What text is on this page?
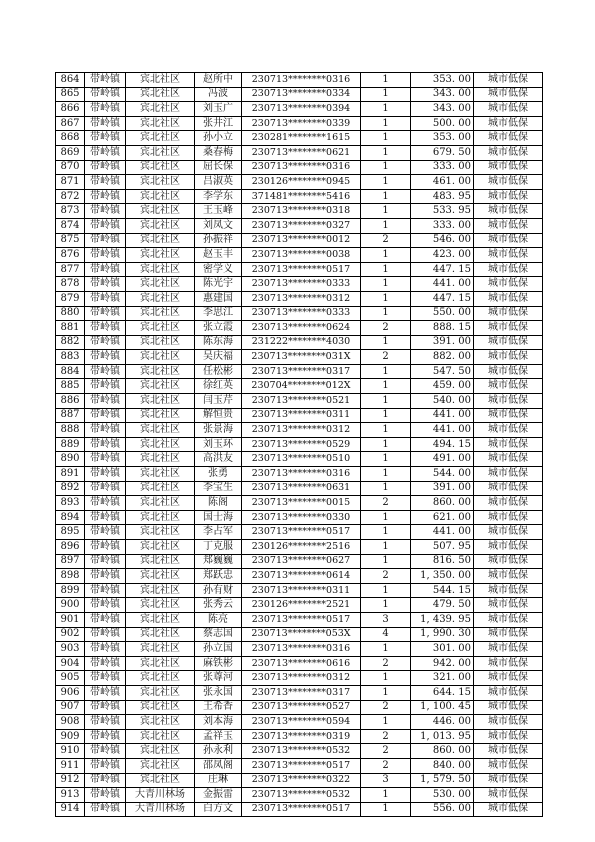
864	带岭镇	宾北社区	赵所中	230713********0316	1	353. 00	城市低保
865	带岭镇	宾北社区	冯波	230713********0334	1	343. 00	城市低保
866	带岭镇	宾北社区	刘玉广	230713********0394	1	343. 00	城市低保
867	带岭镇	宾北社区	张井江	230713********0339	1	500. 00	城市低保
868	带岭镇	宾北社区	孙小立	230281********1615	1	353. 00	城市低保
869	带岭镇	宾北社区	桑春梅	230713********0621	1	679. 50	城市低保
870	带岭镇	宾北社区	屈长保	230713********0316	1	333. 00	城市低保
871	带岭镇	宾北社区	吕淑英	230126********0945	1	461. 00	城市低保
872	带岭镇	宾北社区	李学东	371481********5416	1	483. 95	城市低保
873	带岭镇	宾北社区	王玉峰	230713********0318	1	533. 95	城市低保
874	带岭镇	宾北社区	刘凤文	230713********0327	1	333. 00	城市低保
875	带岭镇	宾北社区	孙振祥	230713********0012	2	546. 00	城市低保
876	带岭镇	宾北社区	赵玉丰	230713********0038	1	423. 00	城市低保
877	带岭镇	宾北社区	密学义	230713********0517	1	447. 15	城市低保
878	带岭镇	宾北社区	陈光宇	230713********0333	1	441. 00	城市低保
879	带岭镇	宾北社区	惠建国	230713********0312	1	447. 15	城市低保
880	带岭镇	宾北社区	李思江	230713********0333	1	550. 00	城市低保
881	带岭镇	宾北社区	张立霞	230713********0624	2	888. 15	城市低保
882	带岭镇	宾北社区	陈东海	231222********4030	1	391. 00	城市低保
883	带岭镇	宾北社区	吴庆福	230713********031X	2	882. 00	城市低保
884	带岭镇	宾北社区	任松彬	230713********0317	1	547. 50	城市低保
885	带岭镇	宾北社区	徐红英	230704********012X	1	459. 00	城市低保
886	带岭镇	宾北社区	闫玉芹	230713********0521	1	540. 00	城市低保
887	带岭镇	宾北社区	解恒贵	230713********0311	1	441. 00	城市低保
888	带岭镇	宾北社区	张景海	230713********0312	1	441. 00	城市低保
889	带岭镇	宾北社区	刘玉环	230713********0529	1	494. 15	城市低保
890	带岭镇	宾北社区	高洪友	230713********0510	1	491. 00	城市低保
891	带岭镇	宾北社区	张勇	230713********0316	1	544. 00	城市低保
892	带岭镇	宾北社区	李宝生	230713********0631	1	391. 00	城市低保
893	带岭镇	宾北社区	陈阁	230713********0015	2	860. 00	城市低保
894	带岭镇	宾北社区	国士海	230713********0330	1	621. 00	城市低保
895	带岭镇	宾北社区	李占军	230713********0517	1	441. 00	城市低保
896	带岭镇	宾北社区	丁克服	230126********2516	1	507. 95	城市低保
897	带岭镇	宾北社区	郑巍巍	230713********0627	1	816. 50	城市低保
898	带岭镇	宾北社区	郑跃忠	230713********0614	2	1, 350. 00	城市低保
899	带岭镇	宾北社区	孙有财	230713********0311	1	544. 15	城市低保
900	带岭镇	宾北社区	张秀云	230126********2521	1	479. 50	城市低保
901	带岭镇	宾北社区	陈亮	230713********0517	3	1, 439. 95	城市低保
902	带岭镇	宾北社区	蔡志国	230713********053X	4	1, 990. 30	城市低保
903	带岭镇	宾北社区	孙立国	230713********0316	1	301. 00	城市低保
904	带岭镇	宾北社区	麻铁彬	230713********0616	2	942. 00	城市低保
905	带岭镇	宾北社区	张尊河	230713********0312	1	321. 00	城市低保
906	带岭镇	宾北社区	张永国	230713********0317	1	644. 15	城市低保
907	带岭镇	宾北社区	王希香	230713********0527	2	1, 100. 45	城市低保
908	带岭镇	宾北社区	刘本海	230713********0594	1	446. 00	城市低保
909	带岭镇	宾北社区	孟祥玉	230713********0319	2	1, 013. 95	城市低保
910	带岭镇	宾北社区	孙永利	230713********0532	2	860. 00	城市低保
911	带岭镇	宾北社区	邵凤阁	230713********0517	2	840. 00	城市低保
912	带岭镇	宾北社区	庄琳	230713********0322	3	1, 579. 50	城市低保
913	带岭镇	大青川林场	金振雷	230713********0532	1	530. 00	城市低保
914	带岭镇	大青川林场	白方文	230713********0517	1	556. 00	城市低保
